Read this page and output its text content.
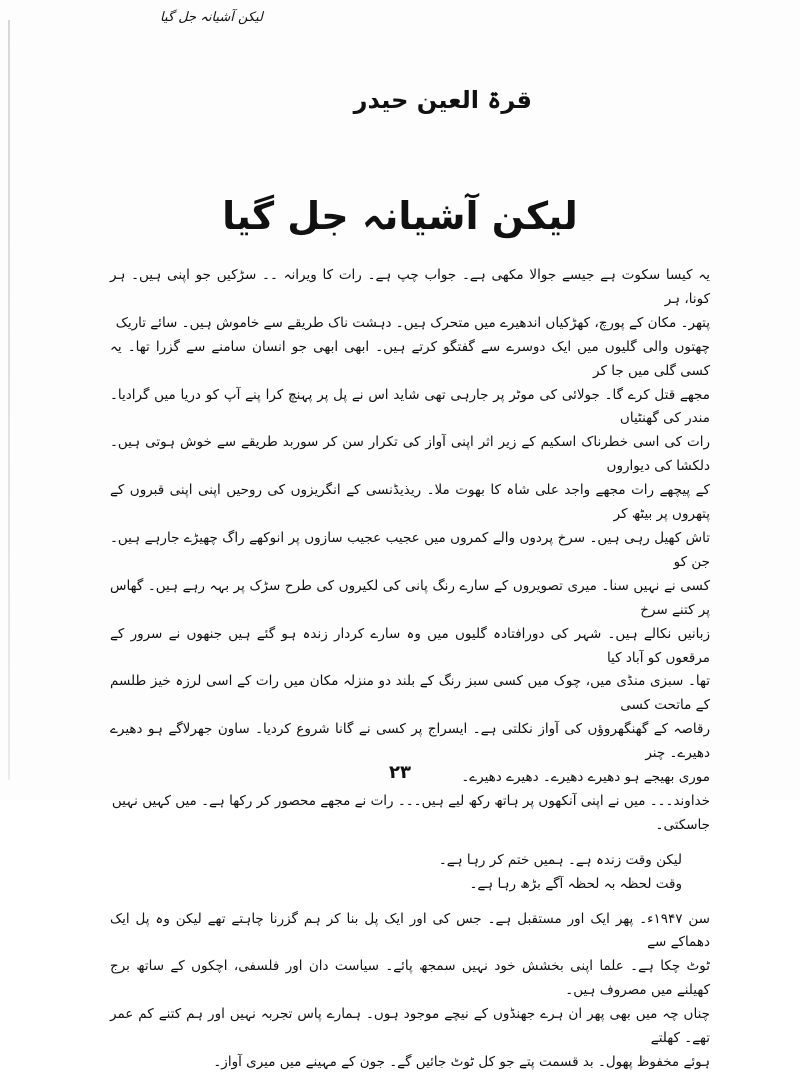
لیکن آشیانہ جل گیا
قرۃ العین حیدر
لیکن آشیانہ جل گیا

یہ کیسا سکوت ہے جیسے جوالا مکھی ہے۔ جواب چپ ہے۔ رات کا ویرانہ ۔۔ سڑکیں جو اپنی ہیں۔ ہر کونا، ہر

پتھر۔ مکان کے پورچ، کھڑکیاں اندھیرے میں متحرک ہیں۔ دہشت ناک طریقے سے خاموش ہیں۔ سائے تاریک

چھتوں والی گلیوں میں ایک دوسرے سے گفتگو کرتے ہیں۔ ابھی ابھی جو انسان سامنے سے گزرا تھا۔ یہ کسی گلی میں جا کر

مجھے قتل کرے گا۔ جولائی کی موٹر پر جارہی تھی شاید اس نے پل پر پہنچ کرا پنے آپ کو دریا میں گرادیا۔ مندر کی گھنٹیاں

رات کی اسی خطرناک اسکیم کے زیر اثر اپنی آواز کی تکرار سن کر سوربد طریقے سے خوش ہوتی ہیں۔ دلکشا کی دیواروں

کے پیچھے رات مجھے واجد علی شاہ کا بھوت ملا۔ ریذیڈنسی کے انگریزوں کی روحیں اپنی اپنی قبروں کے پتھروں پر بیٹھ کر

تاش کھیل رہی ہیں۔ سرخ پردوں والے کمروں میں عجیب عجیب سازوں پر انوکھے راگ چھیڑے جارہے ہیں۔ جن کو

کسی نے نہیں سنا۔ میری تصویروں کے سارے رنگ پانی کی لکیروں کی طرح سڑک پر بہہ رہے ہیں۔ گھاس پر کتنے سرخ

زبانیں نکالے ہیں۔ شہر کی دورافتادہ گلیوں میں وہ سارے کردار زندہ ہو گئے ہیں جنھوں نے سرور کے مرقعوں کو آباد کیا

تھا۔ سبزی منڈی میں، چوک میں کسی سبز رنگ کے بلند دو منزلہ مکان میں رات کے اسی لرزہ خیز طلسم کے ماتحت کسی

رقاصہ کے گھنگھروؤں کی آواز نکلتی ہے۔ ایسراج پر کسی نے گانا شروع کردیا۔ ساون جھرلاگے ہو دھیرے دھیرے۔ چنر

موری بھیجے ہو دھیرے دھیرے۔ دھیرے دھیرے۔

خداوند۔۔۔ میں نے اپنی آنکھوں پر ہاتھ رکھ لیے ہیں۔۔۔ رات نے مجھے محصور کر رکھا ہے۔ میں کہیں نہیں

جاسکتی۔

لیکن وقت زندہ ہے۔ ہمیں ختم کر رہا ہے۔

وقت لحظہ بہ لحظہ آگے بڑھ رہا ہے۔

سن ۱۹۴۷ء۔ پھر ایک اور مستقبل ہے۔ جس کی اور ایک پل بنا کر ہم گزرنا چاہتے تھے لیکن وہ پل ایک دھماکے سے

ٹوٹ چکا ہے۔ علما اپنی بخشش خود نہیں سمجھ پائے۔ سیاست دان اور فلسفی، اچکوں کے ساتھ برج کھیلنے میں مصروف ہیں۔

چناں چہ میں بھی پھر ان ہرے جھنڈوں کے نیچے موجود ہوں۔ ہمارے پاس تجربہ نہیں اور ہم کتنے کم عمر تھے۔ کھلتے

ہوئے مخفوظ پھول۔ بد قسمت پتے جو کل ٹوٹ جائیں گے۔ جون کے مہینے میں میری آواز۔

۲۳
